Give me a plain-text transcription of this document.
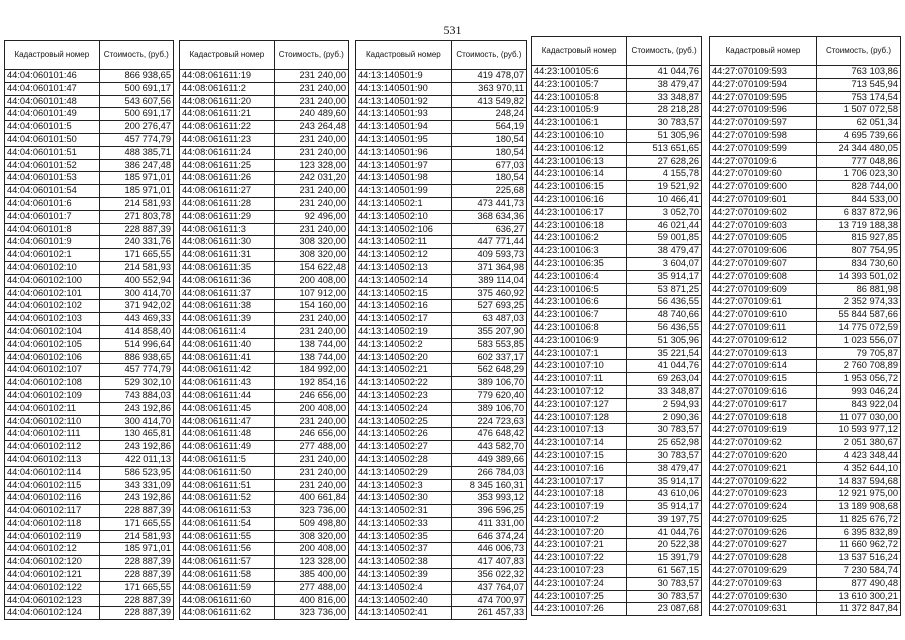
531
Кадастровый номер	Стоимость, (руб.)
44:04:060101:46	866 938,65
44:04:060101:47	500 691,17
44:04:060101:48	543 607,56
44:04:060101:49	500 691,17
44:04:060101:5	200 276,47
44:04:060101:50	457 774,79
44:04:060101:51	488 385,71
44:04:060101:52	386 247,48
44:04:060101:53	185 971,01
44:04:060101:54	185 971,01
44:04:060101:6	214 581,93
44:04:060101:7	271 803,78
44:04:060101:8	228 887,39
44:04:060101:9	240 331,76
44:04:060102:1	171 665,55
44:04:060102:10	214 581,93
44:04:060102:100	400 552,94
44:04:060102:101	300 414,70
44:04:060102:102	371 942,02
44:04:060102:103	443 469,33
44:04:060102:104	414 858,40
44:04:060102:105	514 996,64
44:04:060102:106	886 938,65
44:04:060102:107	457 774,79
44:04:060102:108	529 302,10
44:04:060102:109	743 884,03
44:04:060102:11	243 192,86
44:04:060102:110	300 414,70
44:04:060102:111	130 465,81
44:04:060102:112	243 192,86
44:04:060102:113	422 011,13
44:04:060102:114	586 523,95
44:04:060102:115	343 331,09
44:04:060102:116	243 192,86
44:04:060102:117	228 887,39
44:04:060102:118	171 665,55
44:04:060102:119	214 581,93
44:04:060102:12	185 971,01
44:04:060102:120	228 887,39
44:04:060102:121	228 887,39
44:04:060102:122	171 665,55
44:04:060102:123	228 887,39
44:04:060102:124	228 887,39
Кадастровый номер	Стоимость, (руб.)
44:08:061611:19	231 240,00
44:08:061611:2	231 240,00
44:08:061611:20	231 240,00
44:08:061611:21	240 489,60
44:08:061611:22	243 264,48
44:08:061611:23	231 240,00
44:08:061611:24	231 240,00
44:08:061611:25	123 328,00
44:08:061611:26	242 031,20
44:08:061611:27	231 240,00
44:08:061611:28	231 240,00
44:08:061611:29	92 496,00
44:08:061611:3	231 240,00
44:08:061611:30	308 320,00
44:08:061611:31	308 320,00
44:08:061611:35	154 622,48
44:08:061611:36	200 408,00
44:08:061611:37	107 912,00
44:08:061611:38	154 160,00
44:08:061611:39	231 240,00
44:08:061611:4	231 240,00
44:08:061611:40	138 744,00
44:08:061611:41	138 744,00
44:08:061611:42	184 992,00
44:08:061611:43	192 854,16
44:08:061611:44	246 656,00
44:08:061611:45	200 408,00
44:08:061611:47	231 240,00
44:08:061611:48	246 656,00
44:08:061611:49	277 488,00
44:08:061611:5	231 240,00
44:08:061611:50	231 240,00
44:08:061611:51	231 240,00
44:08:061611:52	400 661,84
44:08:061611:53	323 736,00
44:08:061611:54	509 498,80
44:08:061611:55	308 320,00
44:08:061611:56	200 408,00
44:08:061611:57	123 328,00
44:08:061611:58	385 400,00
44:08:061611:59	277 488,00
44:08:061611:60	400 816,00
44:08:061611:62	323 736,00
Кадастровый номер	Стоимость, (руб.)
44:13:140501:9	419 478,07
44:13:140501:90	363 970,11
44:13:140501:92	413 549,82
44:13:140501:93	248,24
44:13:140501:94	564,19
44:13:140501:95	180,54
44:13:140501:96	180,54
44:13:140501:97	677,03
44:13:140501:98	180,54
44:13:140501:99	225,68
44:13:140502:1	473 441,73
44:13:140502:10	368 634,36
44:13:140502:106	636,27
44:13:140502:11	447 771,44
44:13:140502:12	409 593,73
44:13:140502:13	371 364,98
44:13:140502:14	389 114,04
44:13:140502:15	375 460,92
44:13:140502:16	527 693,25
44:13:140502:17	63 487,03
44:13:140502:19	355 207,90
44:13:140502:2	583 553,85
44:13:140502:20	602 337,17
44:13:140502:21	562 648,29
44:13:140502:22	389 106,70
44:13:140502:23	779 620,40
44:13:140502:24	389 106,70
44:13:140502:25	224 723,63
44:13:140502:26	476 648,42
44:13:140502:27	443 582,70
44:13:140502:28	449 389,66
44:13:140502:29	266 784,03
44:13:140502:3	8 345 160,31
44:13:140502:30	353 993,12
44:13:140502:31	396 596,25
44:13:140502:33	411 331,00
44:13:140502:35	646 374,24
44:13:140502:37	446 006,73
44:13:140502:38	417 407,83
44:13:140502:39	356 022,32
44:13:140502:4	437 764,07
44:13:140502:40	474 700,97
44:13:140502:41	261 457,33
Кадастровый номер	Стоимость, (руб.)
44:23:100105:6	41 044,76
44:23:100105:7	38 479,47
44:23:100105:8	33 348,87
44:23:100105:9	28 218,28
44:23:100106:1	30 783,57
44:23:100106:10	51 305,96
44:23:100106:12	513 651,65
44:23:100106:13	27 628,26
44:23:100106:14	4 155,78
44:23:100106:15	19 521,92
44:23:100106:16	10 466,41
44:23:100106:17	3 052,70
44:23:100106:18	46 021,44
44:23:100106:2	59 001,85
44:23:100106:3	38 479,47
44:23:100106:35	3 604,07
44:23:100106:4	35 914,17
44:23:100106:5	53 871,25
44:23:100106:6	56 436,55
44:23:100106:7	48 740,66
44:23:100106:8	56 436,55
44:23:100106:9	51 305,96
44:23:100107:1	35 221,54
44:23:100107:10	41 044,76
44:23:100107:11	69 263,04
44:23:100107:12	33 348,87
44:23:100107:127	2 594,93
44:23:100107:128	2 090,36
44:23:100107:13	30 783,57
44:23:100107:14	25 652,98
44:23:100107:15	30 783,57
44:23:100107:16	38 479,47
44:23:100107:17	35 914,17
44:23:100107:18	43 610,06
44:23:100107:19	35 914,17
44:23:100107:2	39 197,75
44:23:100107:20	41 044,76
44:23:100107:21	20 522,38
44:23:100107:22	15 391,79
44:23:100107:23	61 567,15
44:23:100107:24	30 783,57
44:23:100107:25	30 783,57
44:23:100107:26	23 087,68
Кадастровый номер	Стоимость, (руб.)
44:27:070109:593	763 103,86
44:27:070109:594	713 545,94
44:27:070109:595	753 174,54
44:27:070109:596	1 507 072,58
44:27:070109:597	62 051,34
44:27:070109:598	4 695 739,66
44:27:070109:599	24 344 480,05
44:27:070109:6	777 048,86
44:27:070109:60	1 706 023,30
44:27:070109:600	828 744,00
44:27:070109:601	844 533,00
44:27:070109:602	6 837 872,96
44:27:070109:603	13 719 188,38
44:27:070109:605	815 927,85
44:27:070109:606	807 754,95
44:27:070109:607	834 730,60
44:27:070109:608	14 393 501,02
44:27:070109:609	86 881,98
44:27:070109:61	2 352 974,33
44:27:070109:610	55 844 587,66
44:27:070109:611	14 775 072,59
44:27:070109:612	1 023 556,07
44:27:070109:613	79 705,87
44:27:070109:614	2 760 708,89
44:27:070109:615	1 953 056,72
44:27:070109:616	993 046,24
44:27:070109:617	843 922,04
44:27:070109:618	11 077 030,00
44:27:070109:619	10 593 977,12
44:27:070109:62	2 051 380,67
44:27:070109:620	4 423 348,44
44:27:070109:621	4 352 644,10
44:27:070109:622	14 837 594,68
44:27:070109:623	12 921 975,00
44:27:070109:624	13 189 908,68
44:27:070109:625	11 825 676,72
44:27:070109:626	6 395 832,89
44:27:070109:627	11 660 962,72
44:27:070109:628	13 537 516,24
44:27:070109:629	7 230 584,74
44:27:070109:63	877 490,48
44:27:070109:630	13 610 300,21
44:27:070109:631	11 372 847,84
